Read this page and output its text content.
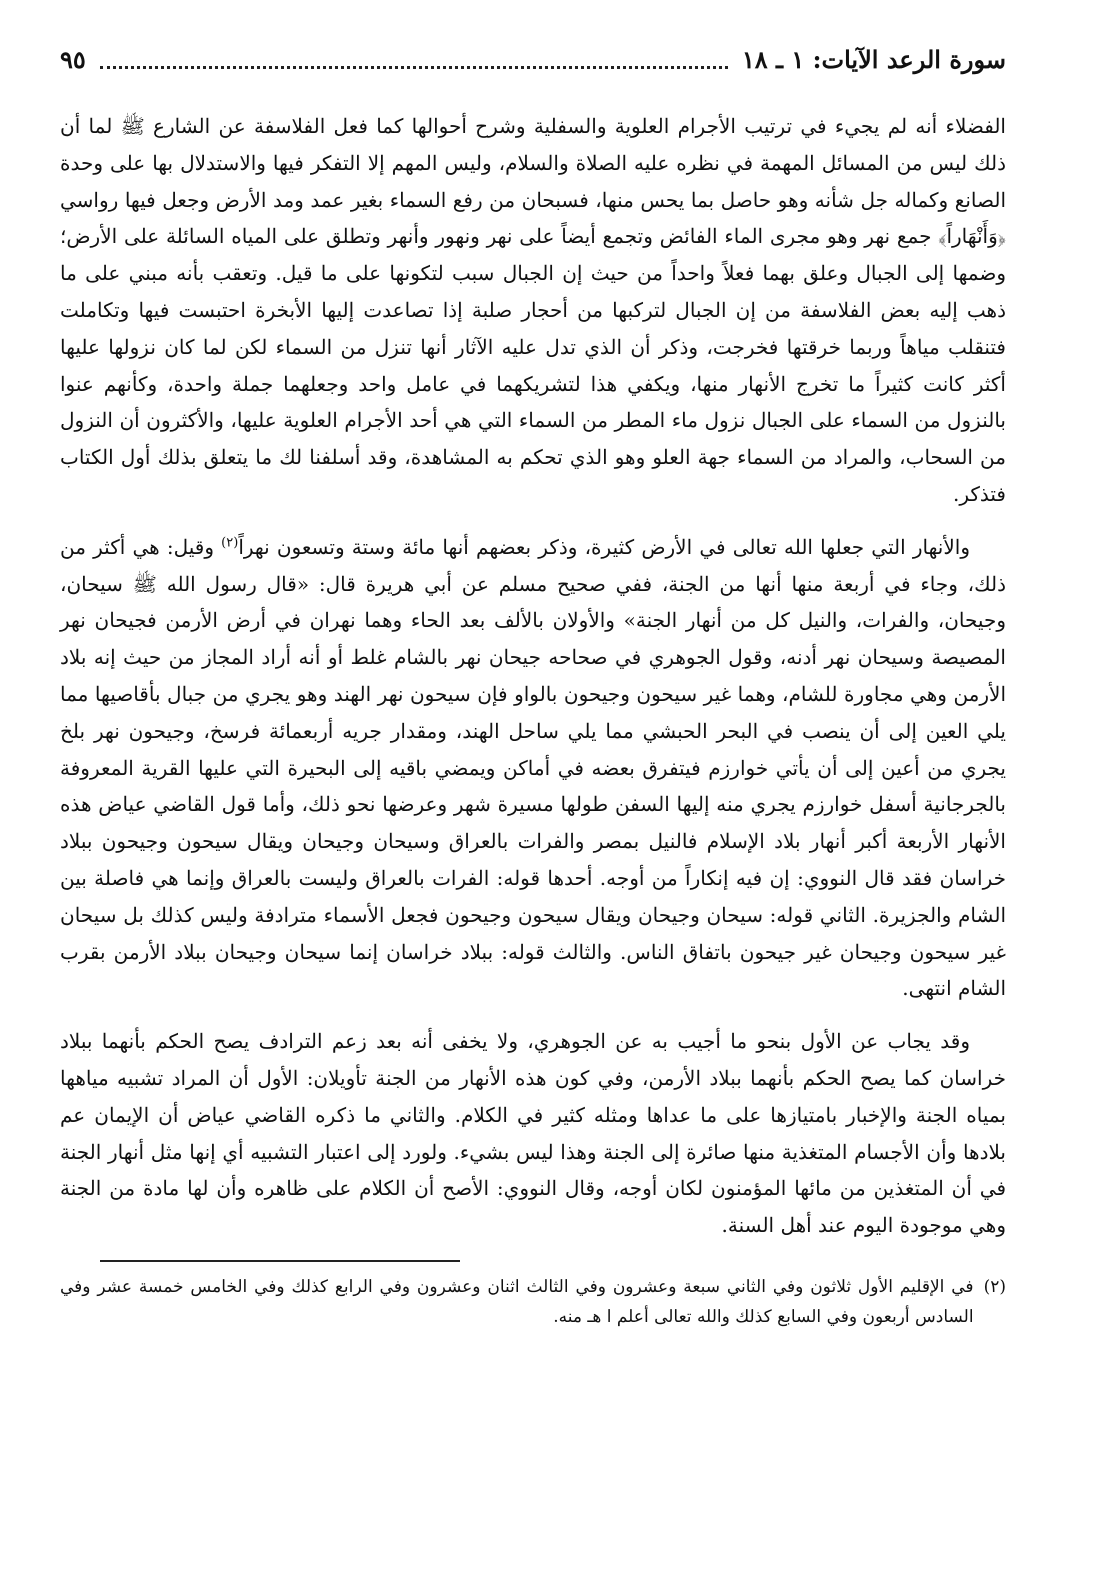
سورة الرعد الآيات: ١ ـ ١٨
٩٥

الفضلاء أنه لم يجيء في ترتيب الأجرام العلوية والسفلية وشرح أحوالها كما فعل الفلاسفة عن الشارع ﷺ لما أن ذلك ليس من المسائل المهمة في نظره عليه الصلاة والسلام، وليس المهم إلا التفكر فيها والاستدلال بها على وحدة الصانع وكماله جل شأنه وهو حاصل بما يحس منها، فسبحان من رفع السماء بغير عمد ومد الأرض وجعل فيها رواسي ﴿وَأَنْهَاراً﴾ جمع نهر وهو مجرى الماء الفائض وتجمع أيضاً على نهر ونهور وأنهر وتطلق على المياه السائلة على الأرض؛ وضمها إلى الجبال وعلق بهما فعلاً واحداً من حيث إن الجبال سبب لتكونها على ما قيل. وتعقب بأنه مبني على ما ذهب إليه بعض الفلاسفة من إن الجبال لتركبها من أحجار صلبة إذا تصاعدت إليها الأبخرة احتبست فيها وتكاملت فتنقلب مياهاً وربما خرقتها فخرجت، وذكر أن الذي تدل عليه الآثار أنها تنزل من السماء لكن لما كان نزولها عليها أكثر كانت كثيراً ما تخرج الأنهار منها، ويكفي هذا لتشريكهما في عامل واحد وجعلهما جملة واحدة، وكأنهم عنوا بالنزول من السماء على الجبال نزول ماء المطر من السماء التي هي أحد الأجرام العلوية عليها، والأكثرون أن النزول من السحاب، والمراد من السماء جهة العلو وهو الذي تحكم به المشاهدة، وقد أسلفنا لك ما يتعلق بذلك أول الكتاب فتذكر.

والأنهار التي جعلها الله تعالى في الأرض كثيرة، وذكر بعضهم أنها مائة وستة وتسعون نهراً$^{(٢)}$ وقيل: هي أكثر من ذلك، وجاء في أربعة منها أنها من الجنة، ففي صحيح مسلم عن أبي هريرة قال: «قال رسول الله ﷺ سيحان، وجيحان، والفرات، والنيل كل من أنهار الجنة» والأولان بالألف بعد الحاء وهما نهران في أرض الأرمن فجيحان نهر المصيصة وسيحان نهر أدنه، وقول الجوهري في صحاحه جيحان نهر بالشام غلط أو أنه أراد المجاز من حيث إنه بلاد الأرمن وهي مجاورة للشام، وهما غير سيحون وجيحون بالواو فإن سيحون نهر الهند وهو يجري من جبال بأقاصيها مما يلي العين إلى أن ينصب في البحر الحبشي مما يلي ساحل الهند، ومقدار جريه أربعمائة فرسخ، وجيحون نهر بلخ يجري من أعين إلى أن يأتي خوارزم فيتفرق بعضه في أماكن ويمضي باقيه إلى البحيرة التي عليها القرية المعروفة بالجرجانية أسفل خوارزم يجري منه إليها السفن طولها مسيرة شهر وعرضها نحو ذلك، وأما قول القاضي عياض هذه الأنهار الأربعة أكبر أنهار بلاد الإسلام فالنيل بمصر والفرات بالعراق وسيحان وجيحان ويقال سيحون وجيحون ببلاد خراسان فقد قال النووي: إن فيه إنكاراً من أوجه. أحدها قوله: الفرات بالعراق وليست بالعراق وإنما هي فاصلة بين الشام والجزيرة. الثاني قوله: سيحان وجيحان ويقال سيحون وجيحون فجعل الأسماء مترادفة وليس كذلك بل سيحان غير سيحون وجيحان غير جيحون باتفاق الناس. والثالث قوله: ببلاد خراسان إنما سيحان وجيحان ببلاد الأرمن بقرب الشام انتهى.

وقد يجاب عن الأول بنحو ما أجيب به عن الجوهري، ولا يخفى أنه بعد زعم الترادف يصح الحكم بأنهما ببلاد خراسان كما يصح الحكم بأنهما ببلاد الأرمن، وفي كون هذه الأنهار من الجنة تأويلان: الأول أن المراد تشبيه مياهها بمياه الجنة والإخبار بامتيازها على ما عداها ومثله كثير في الكلام. والثاني ما ذكره القاضي عياض أن الإيمان عم بلادها وأن الأجسام المتغذية منها صائرة إلى الجنة وهذا ليس بشيء. ولورد إلى اعتبار التشبيه أي إنها مثل أنهار الجنة في أن المتغذين من مائها المؤمنون لكان أوجه، وقال النووي: الأصح أن الكلام على ظاهره وأن لها مادة من الجنة وهي موجودة اليوم عند أهل السنة.

(٢)
في الإقليم الأول ثلاثون وفي الثاني سبعة وعشرون وفي الثالث اثنان وعشرون وفي الرابع كذلك وفي الخامس خمسة عشر وفي السادس أربعون وفي السابع كذلك والله تعالى أعلم ا هـ منه.
